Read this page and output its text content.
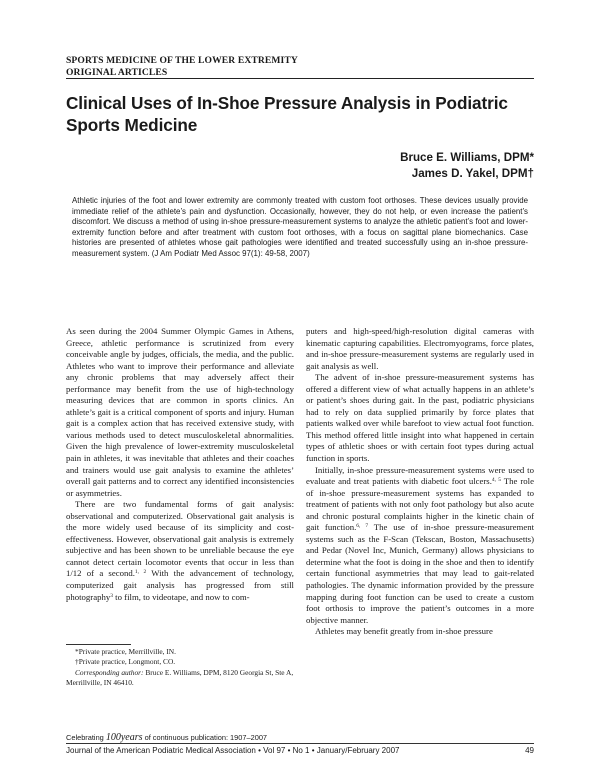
SPORTS MEDICINE OF THE LOWER EXTREMITY
ORIGINAL ARTICLES
Clinical Uses of In-Shoe Pressure Analysis in Podiatric Sports Medicine
Bruce E. Williams, DPM*
James D. Yakel, DPM†
Athletic injuries of the foot and lower extremity are commonly treated with custom foot orthoses. These devices usually provide immediate relief of the athlete’s pain and dysfunction. Occasionally, however, they do not help, or even increase the patient’s discomfort. We discuss a method of using in-shoe pressure-measurement systems to analyze the athletic patient’s foot and lower-extremity function before and after treatment with custom foot orthoses, with a focus on sagittal plane biomechanics. Case histories are presented of athletes whose gait pathologies were identified and treated successfully using an in-shoe pressure-measurement system. (J Am Podiatr Med Assoc 97(1): 49-58, 2007)

As seen during the 2004 Summer Olympic Games in Athens, Greece, athletic performance is scrutinized from every conceivable angle by judges, officials, the media, and the public. Athletes who want to improve their performance and alleviate any chronic problems that may adversely affect their performance may benefit from the use of high-technology measuring devices that are common in sports clinics. An athlete’s gait is a critical component of sports and injury. Human gait is a complex action that has received extensive study, with various methods used to detect musculoskeletal abnormalities. Given the high prevalence of lower-extremity musculoskeletal pain in athletes, it was inevitable that athletes and their coaches and trainers would use gait analysis to examine the athletes’ overall gait patterns and to correct any identified inconsistencies or asymmetries.

There are two fundamental forms of gait analysis: observational and computerized. Observational gait analysis is the more widely used because of its simplicity and cost-effectiveness. However, observational gait analysis is extremely subjective and has been shown to be unreliable because the eye cannot detect certain locomotor events that occur in less than 1/12 of a second.$^{1, 2}$ With the advancement of technology, computerized gait analysis has progressed from still photography$^3$ to film, to videotape, and now to com-

puters and high-speed/high-resolution digital cameras with kinematic capturing capabilities. Electromyograms, force plates, and in-shoe pressure-measurement systems are regularly used in gait analysis as well.

The advent of in-shoe pressure-measurement systems has offered a different view of what actually happens in an athlete’s or patient’s shoes during gait. In the past, podiatric physicians had to rely on data supplied primarily by force plates that patients walked over while barefoot to view actual foot function. This method offered little insight into what happened in certain types of athletic shoes or with certain foot types during actual function in sports.

Initially, in-shoe pressure-measurement systems were used to evaluate and treat patients with diabetic foot ulcers.$^{4, 5}$ The role of in-shoe pressure-measurement systems has expanded to treatment of patients with not only foot pathology but also acute and chronic postural complaints higher in the kinetic chain of gait function.$^{6, 7}$ The use of in-shoe pressure-measurement systems such as the F-Scan (Tekscan, Boston, Massachusetts) and Pedar (Novel Inc, Munich, Germany) allows physicians to determine what the foot is doing in the shoe and then to identify certain functional asymmetries that may lead to gait-related pathologies. The dynamic information provided by the pressure mapping during foot function can be used to create a custom foot orthosis to improve the patient’s outcomes in a more objective manner.

Athletes may benefit greatly from in-shoe pressure

*Private practice, Merrillville, IN.
†Private practice, Longmont, CO.
Corresponding author: Bruce E. Williams, DPM, 8120 Georgia St, Ste A, Merrillville, IN 46410.
Celebrating 100years of continuous publication: 1907–2007
Journal of the American Podiatric Medical Association • Vol 97 • No 1 • January/February 2007	49
